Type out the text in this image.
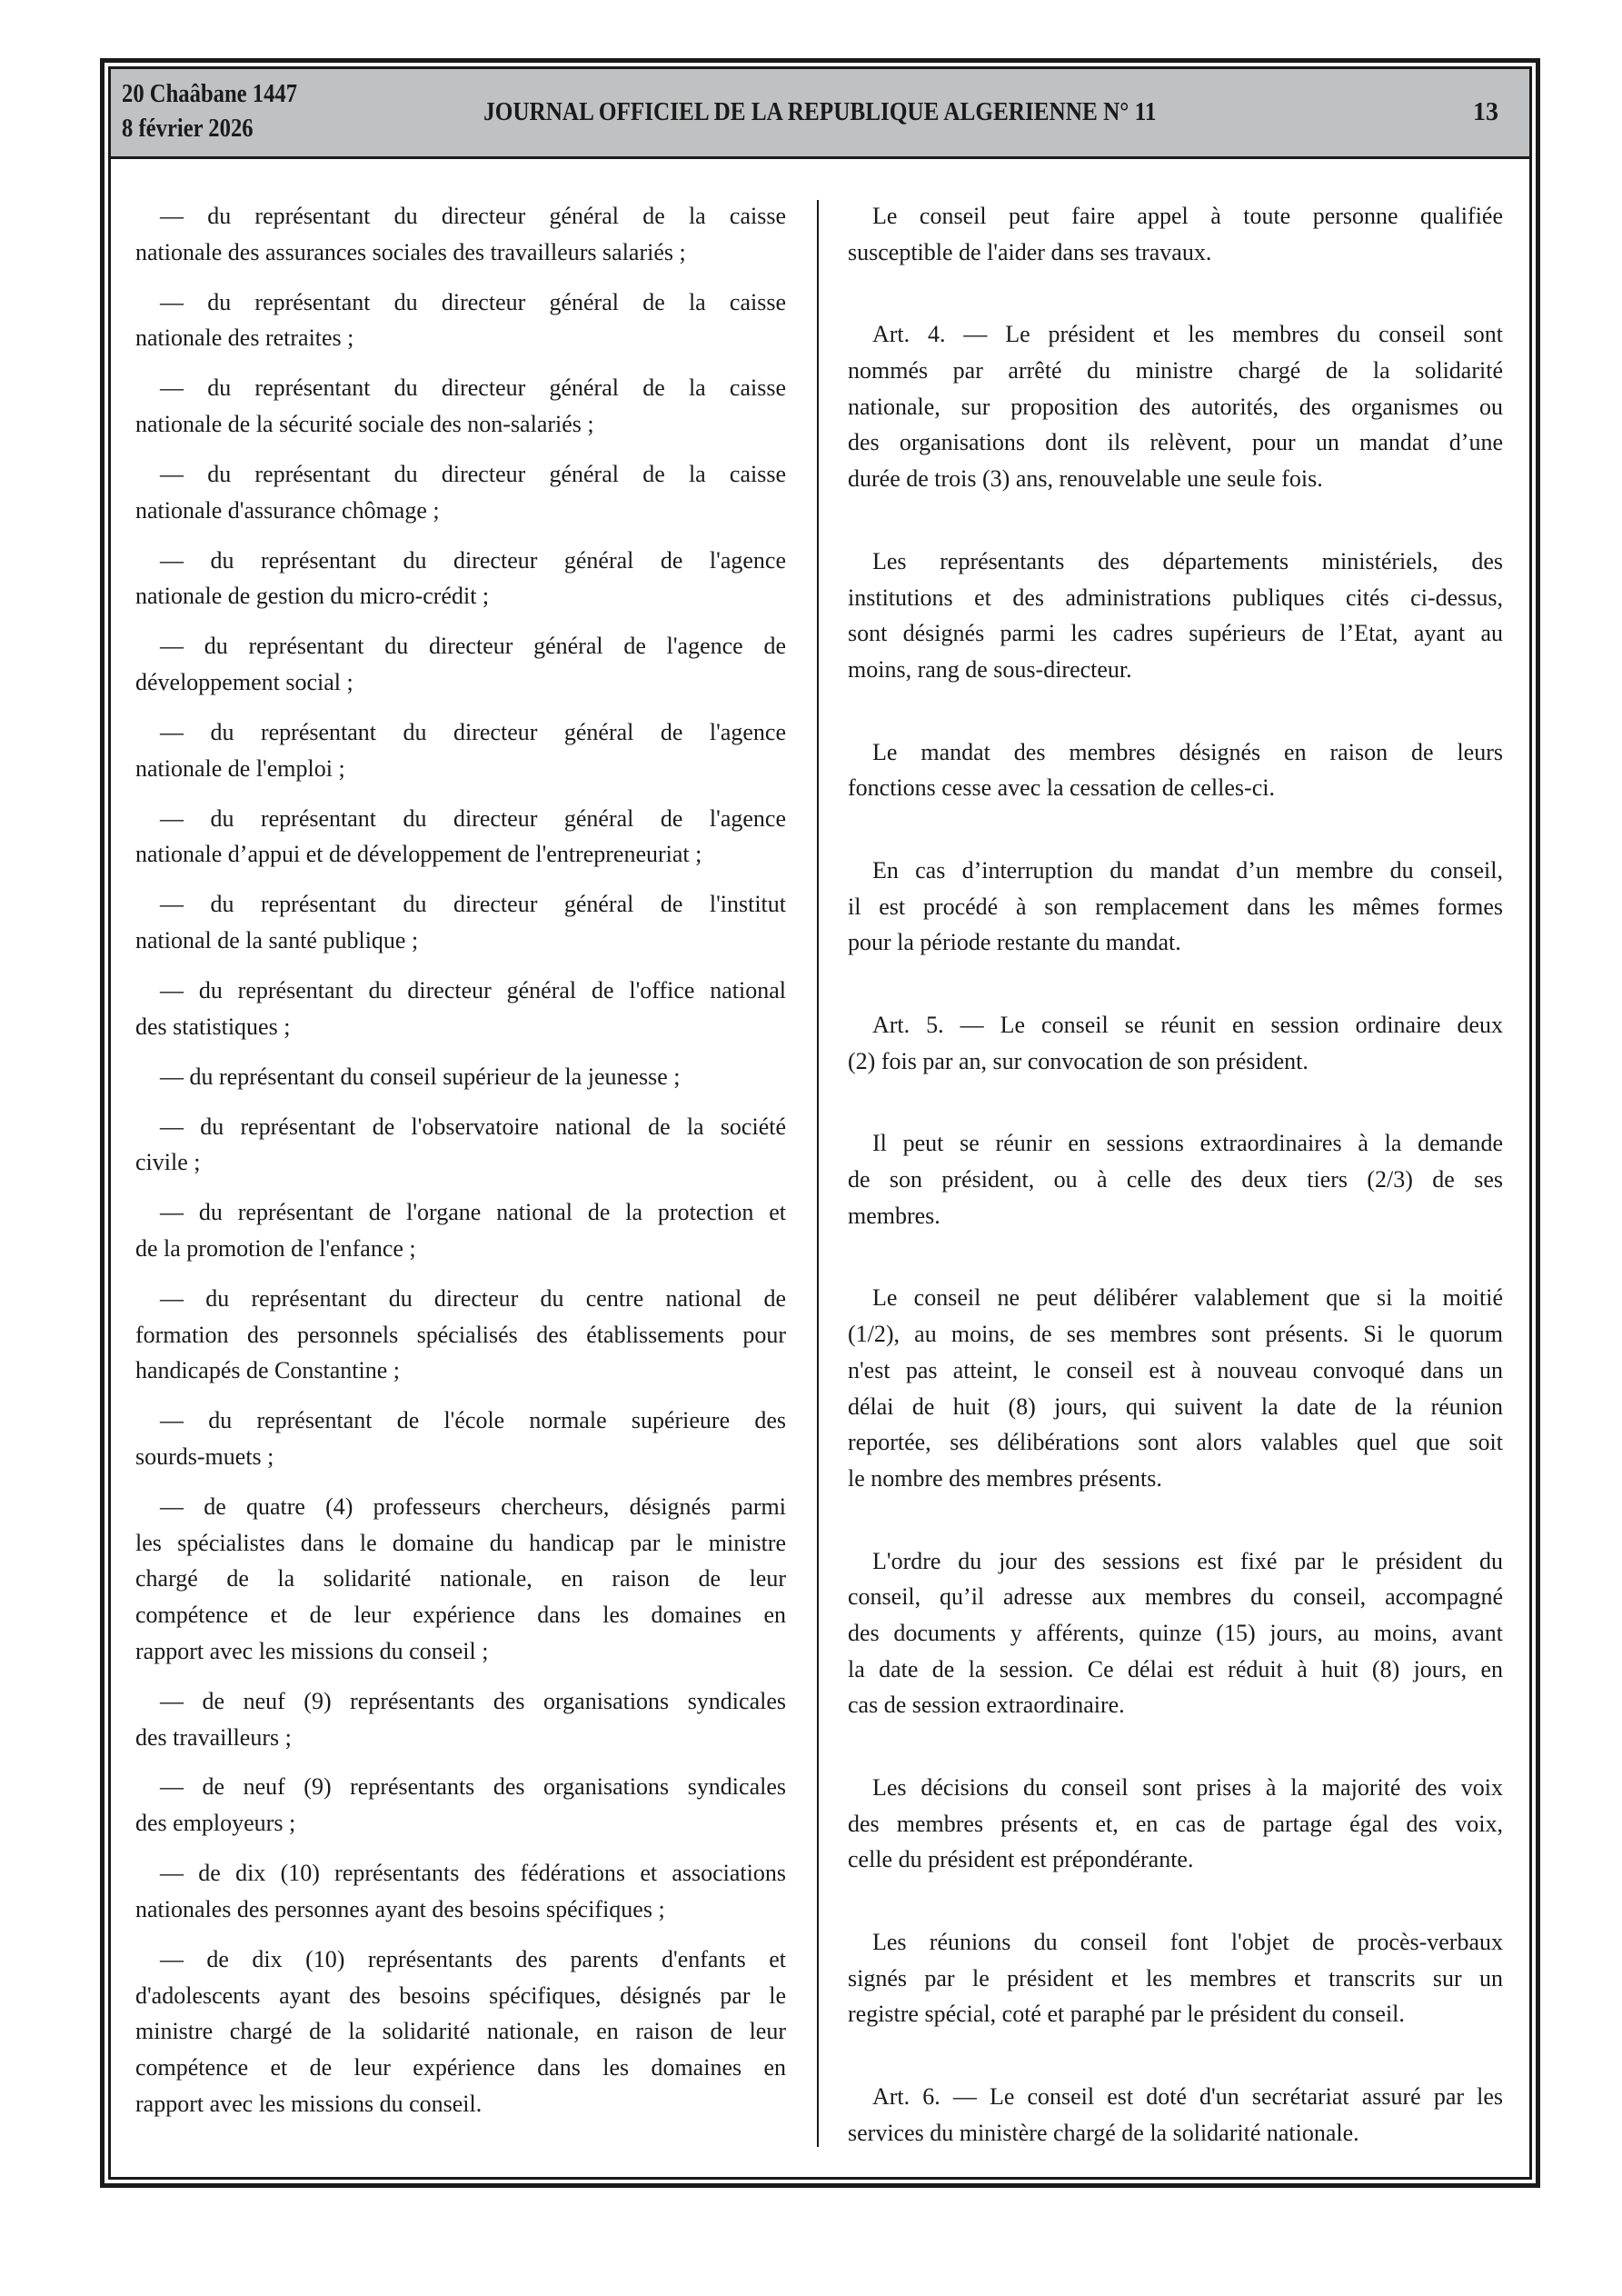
20 Chaâbane 1447
8 février 2026
JOURNAL OFFICIEL DE LA REPUBLIQUE ALGERIENNE N° 11	13
— du représentant du directeur général de la caisse
nationale des assurances sociales des travailleurs salariés ;
— du représentant du directeur général de la caisse
nationale des retraites ;
— du représentant du directeur général de la caisse
nationale de la sécurité sociale des non-salariés ;
— du représentant du directeur général de la caisse
nationale d'assurance chômage ;
— du représentant du directeur général de l'agence
nationale de gestion du micro-crédit ;
— du représentant du directeur général de l'agence de
développement social ;
— du représentant du directeur général de l'agence
nationale de l'emploi ;
— du représentant du directeur général de l'agence
nationale d’appui et de développement de l'entrepreneuriat ;
— du représentant du directeur général de l'institut
national de la santé publique ;
— du représentant du directeur général de l'office national
des statistiques ;
— du représentant du conseil supérieur de la jeunesse ;
— du représentant de l'observatoire national de la société
civile ;
— du représentant de l'organe national de la protection et
de la promotion de l'enfance ;
— du représentant du directeur du centre national de
formation des personnels spécialisés des établissements pour
handicapés de Constantine ;
— du représentant de l'école normale supérieure des
sourds-muets ;
— de quatre (4) professeurs chercheurs, désignés parmi
les spécialistes dans le domaine du handicap par le ministre
chargé de la solidarité nationale, en raison de leur
compétence et de leur expérience dans les domaines en
rapport avec les missions du conseil ;
— de neuf (9) représentants des organisations syndicales
des travailleurs ;
— de neuf (9) représentants des organisations syndicales
des employeurs ;
— de dix (10) représentants des fédérations et associations
nationales des personnes ayant des besoins spécifiques ;
— de dix (10) représentants des parents d'enfants et
d'adolescents ayant des besoins spécifiques, désignés par le
ministre chargé de la solidarité nationale, en raison de leur
compétence et de leur expérience dans les domaines en
rapport avec les missions du conseil.
Le conseil peut faire appel à toute personne qualifiée
susceptible de l'aider dans ses travaux.
Art. 4. — Le président et les membres du conseil sont
nommés par arrêté du ministre chargé de la solidarité
nationale, sur proposition des autorités, des organismes ou
des organisations dont ils relèvent, pour un mandat d’une
durée de trois (3) ans, renouvelable une seule fois.
Les représentants des départements ministériels, des
institutions et des administrations publiques cités ci-dessus,
sont désignés parmi les cadres supérieurs de l’Etat, ayant au
moins, rang de sous-directeur.
Le mandat des membres désignés en raison de leurs
fonctions cesse avec la cessation de celles-ci.
En cas d’interruption du mandat d’un membre du conseil,
il est procédé à son remplacement dans les mêmes formes
pour la période restante du mandat.
Art. 5. — Le conseil se réunit en session ordinaire deux
(2) fois par an, sur convocation de son président.
Il peut se réunir en sessions extraordinaires à la demande
de son président, ou à celle des deux tiers (2/3) de ses
membres.
Le conseil ne peut délibérer valablement que si la moitié
(1/2), au moins, de ses membres sont présents. Si le quorum
n'est pas atteint, le conseil est à nouveau convoqué dans un
délai de huit (8) jours, qui suivent la date de la réunion
reportée, ses délibérations sont alors valables quel que soit
le nombre des membres présents.
L'ordre du jour des sessions est fixé par le président du
conseil, qu’il adresse aux membres du conseil, accompagné
des documents y afférents, quinze (15) jours, au moins, avant
la date de la session. Ce délai est réduit à huit (8) jours, en
cas de session extraordinaire.
Les décisions du conseil sont prises à la majorité des voix
des membres présents et, en cas de partage égal des voix,
celle du président est prépondérante.
Les réunions du conseil font l'objet de procès-verbaux
signés par le président et les membres et transcrits sur un
registre spécial, coté et paraphé par le président du conseil.
Art. 6. — Le conseil est doté d'un secrétariat assuré par les
services du ministère chargé de la solidarité nationale.
